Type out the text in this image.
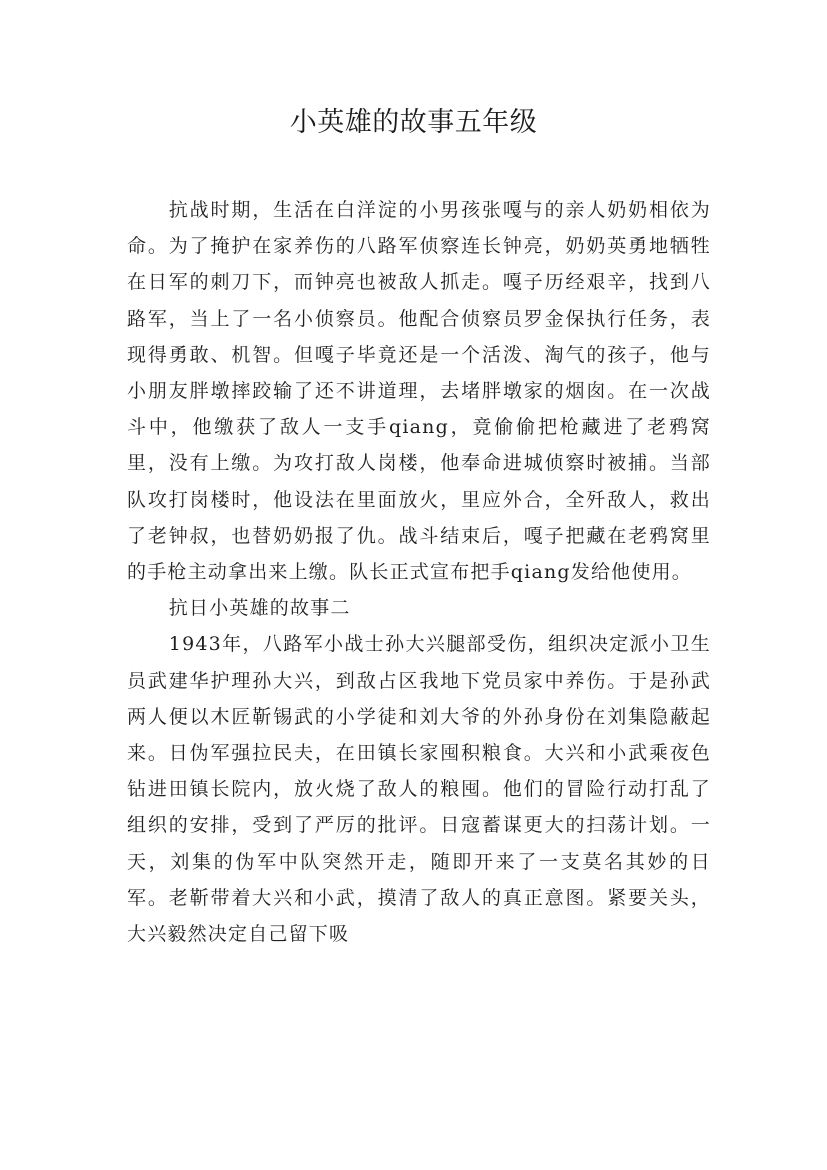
小英雄的故事五年级

抗战时期，生活在白洋淀的小男孩张嘎与的亲人奶奶相依为命。为了掩护在家养伤的八路军侦察连长钟亮，奶奶英勇地牺牲在日军的刺刀下，而钟亮也被敌人抓走。嘎子历经艰辛，找到八路军，当上了一名小侦察员。他配合侦察员罗金保执行任务，表现得勇敢、机智。但嘎子毕竟还是一个活泼、淘气的孩子，他与小朋友胖墩摔跤输了还不讲道理，去堵胖墩家的烟囱。在一次战斗中，他缴获了敌人一支手qiang，竟偷偷把枪藏进了老鸦窝里，没有上缴。为攻打敌人岗楼，他奉命进城侦察时被捕。当部队攻打岗楼时，他设法在里面放火，里应外合，全歼敌人，救出了老钟叔，也替奶奶报了仇。战斗结束后，嘎子把藏在老鸦窝里的手枪主动拿出来上缴。队长正式宣布把手qiang发给他使用。

抗日小英雄的故事二

1943年，八路军小战士孙大兴腿部受伤，组织决定派小卫生员武建华护理孙大兴，到敌占区我地下党员家中养伤。于是孙武两人便以木匠靳锡武的小学徒和刘大爷的外孙身份在刘集隐蔽起来。日伪军强拉民夫，在田镇长家囤积粮食。大兴和小武乘夜色钻进田镇长院内，放火烧了敌人的粮囤。他们的冒险行动打乱了组织的安排，受到了严厉的批评。日寇蓄谋更大的扫荡计划。一天，刘集的伪军中队突然开走，随即开来了一支莫名其妙的日军。老靳带着大兴和小武，摸清了敌人的真正意图。紧要关头，大兴毅然决定自己留下吸
